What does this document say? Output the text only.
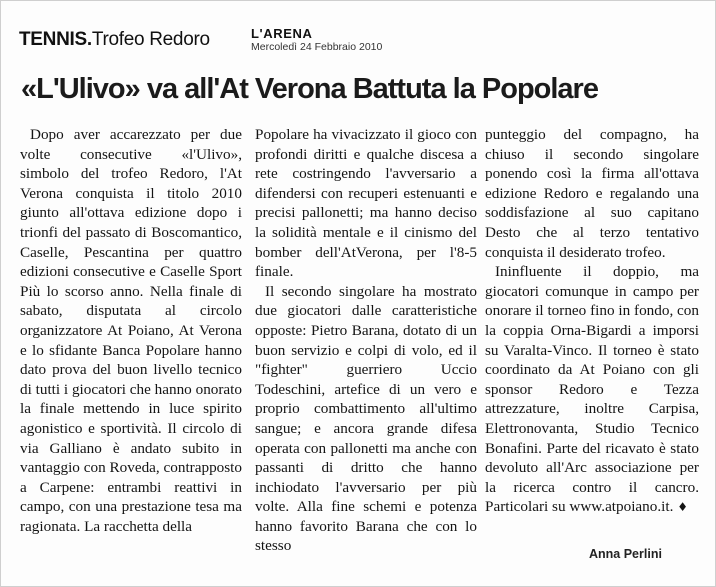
TENNIS.Trofeo Redoro	L'ARENA
Mercoledì 24 Febbraio 2010
«L'Ulivo» va all'At Verona Battuta la Popolare

Dopo aver accarezzato per due volte consecutive «l'Ulivo», simbolo del trofeo Redoro, l'At Verona conquista il titolo 2010 giunto all'ottava edizione dopo i trionfi del passato di Boscomantico, Caselle, Pescantina per quattro edizioni consecutive e Caselle Sport Più lo scorso anno. Nella finale di sabato, disputata al circolo organizzatore At Poiano, At Verona e lo sfidante Banca Popolare hanno dato prova del buon livello tecnico di tutti i giocatori che hanno onorato la finale mettendo in luce spirito agonistico e sportività. Il circolo di via Galliano è andato subito in vantaggio con Roveda, contrapposto a Carpene: entrambi reattivi in campo, con una prestazione tesa ma ragionata. La racchetta della

Popolare ha vivacizzato il gioco con profondi diritti e qualche discesa a rete costringendo l'avversario a difendersi con recuperi estenuanti e precisi pallonetti; ma hanno deciso la solidità mentale e il cinismo del bomber dell'AtVerona, per l'8-5 finale.

Il secondo singolare ha mostrato due giocatori dalle caratteristiche opposte: Pietro Barana, dotato di un buon servizio e colpi di volo, ed il "fighter" guerriero Uccio Todeschini, artefice di un vero e proprio combattimento all'ultimo sangue; e ancora grande difesa operata con pallonetti ma anche con passanti di dritto che hanno inchiodato l'avversario per più volte. Alla fine schemi e potenza hanno favorito Barana che con lo stesso

punteggio del compagno, ha chiuso il secondo singolare ponendo così la firma all'ottava edizione Redoro e regalando una soddisfazione al suo capitano Desto che al terzo tentativo conquista il desiderato trofeo.

Ininfluente il doppio, ma giocatori comunque in campo per onorare il torneo fino in fondo, con la coppia Orna-Bigardi a imporsi su Varalta-Vinco. Il torneo è stato coordinato da At Poiano con gli sponsor Redoro e Tezza attrezzature, inoltre Carpisa, Elettronovanta, Studio Tecnico Bonafini. Parte del ricavato è stato devoluto all'Arc associazione per la ricerca contro il cancro. Particolari su www.atpoiano.it. ♦

Anna Perlini
